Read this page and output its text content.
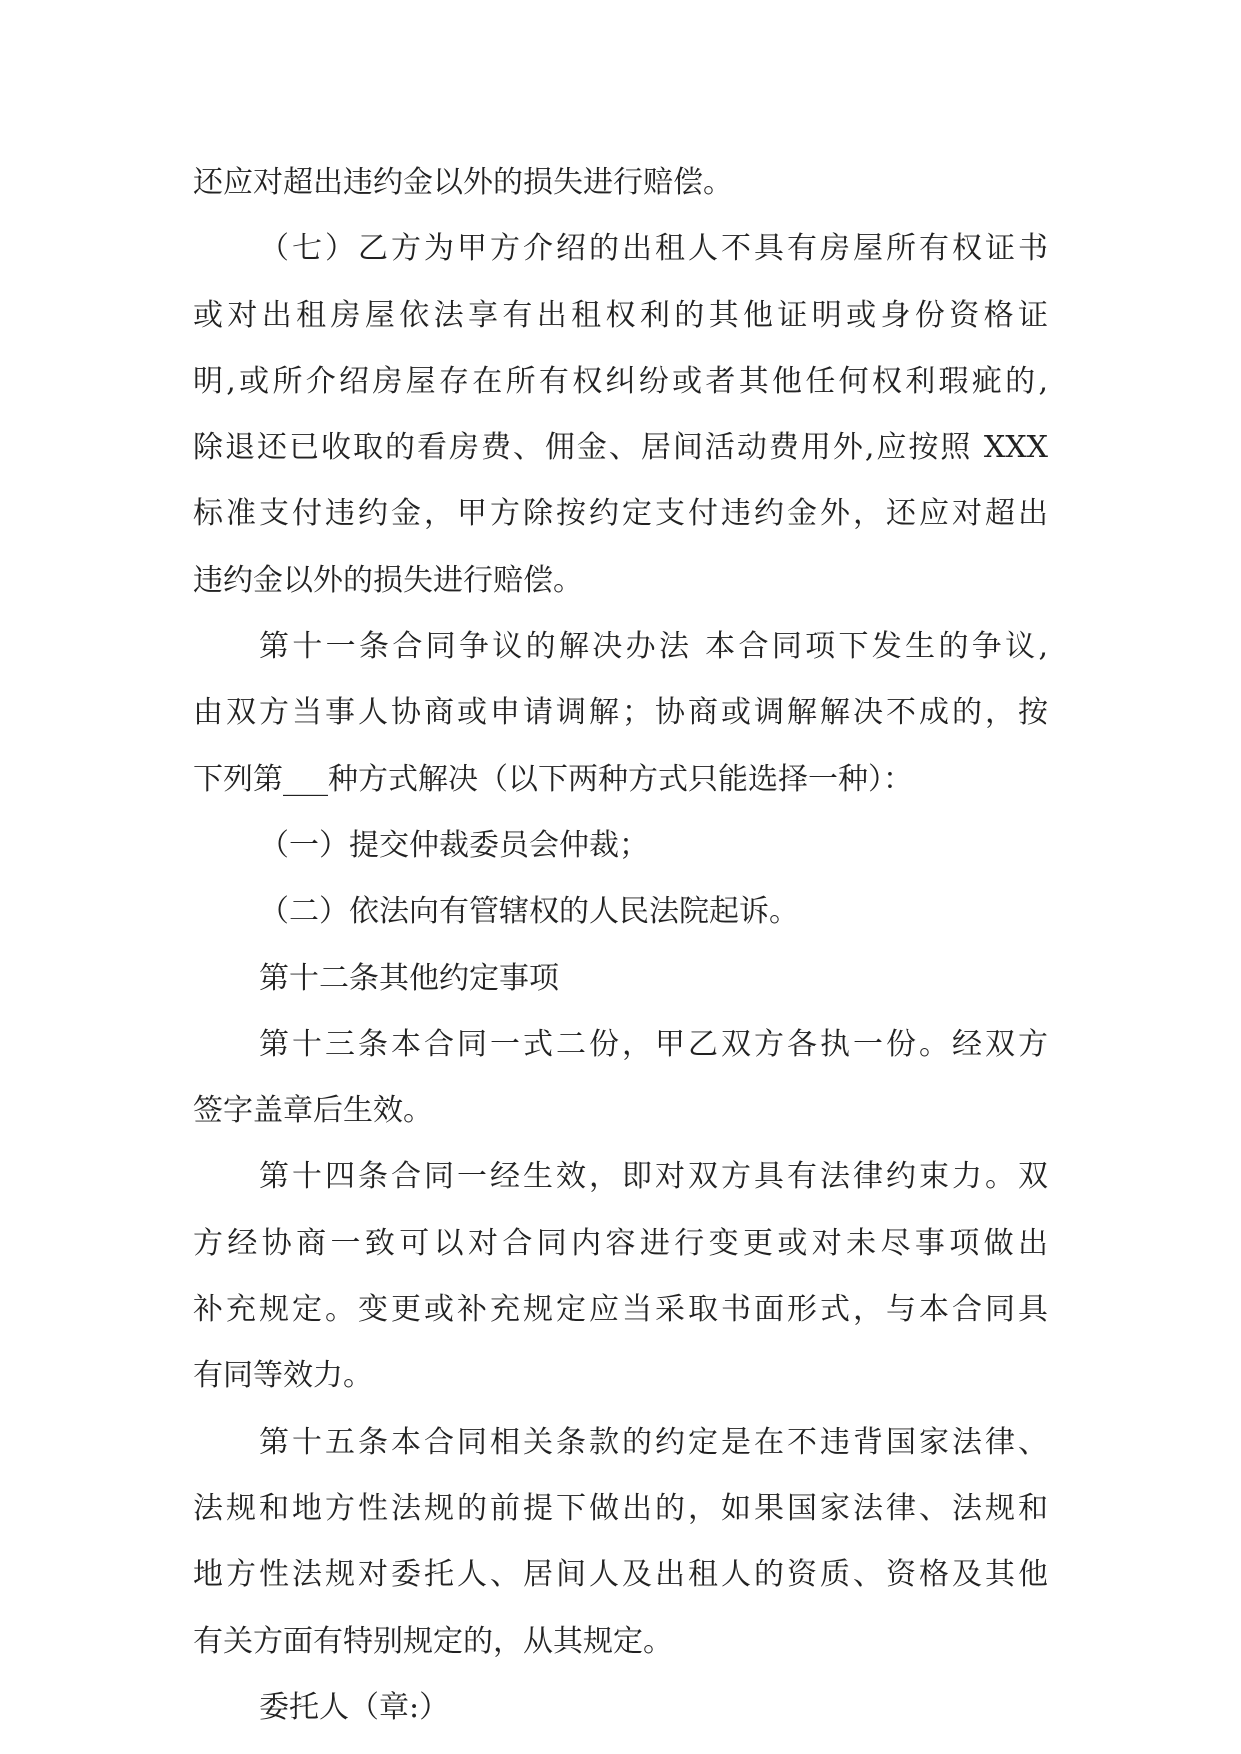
还应对超出违约金以外的损失进行赔偿。
（七）乙方为甲方介绍的出租人不具有房屋所有权证书
或对出租房屋依法享有出租权利的其他证明或身份资格证
明,或所介绍房屋存在所有权纠纷或者其他任何权利瑕疵的,
除退还已收取的看房费、佣金、居间活动费用外,应按照 XXX
标准支付违约金，甲方除按约定支付违约金外，还应对超出
违约金以外的损失进行赔偿。
第十一条合同争议的解决办法 本合同项下发生的争议,
由双方当事人协商或申请调解；协商或调解解决不成的，按
下列第___种方式解决（以下两种方式只能选择一种）：
（一）提交仲裁委员会仲裁；
（二）依法向有管辖权的人民法院起诉。
第十二条其他约定事项
第十三条本合同一式二份，甲乙双方各执一份。经双方
签字盖章后生效。
第十四条合同一经生效，即对双方具有法律约束力。双
方经协商一致可以对合同内容进行变更或对未尽事项做出
补充规定。变更或补充规定应当采取书面形式，与本合同具
有同等效力。
第十五条本合同相关条款的约定是在不违背国家法律、
法规和地方性法规的前提下做出的，如果国家法律、法规和
地方性法规对委托人、居间人及出租人的资质、资格及其他
有关方面有特别规定的，从其规定。
委托人（章:）
